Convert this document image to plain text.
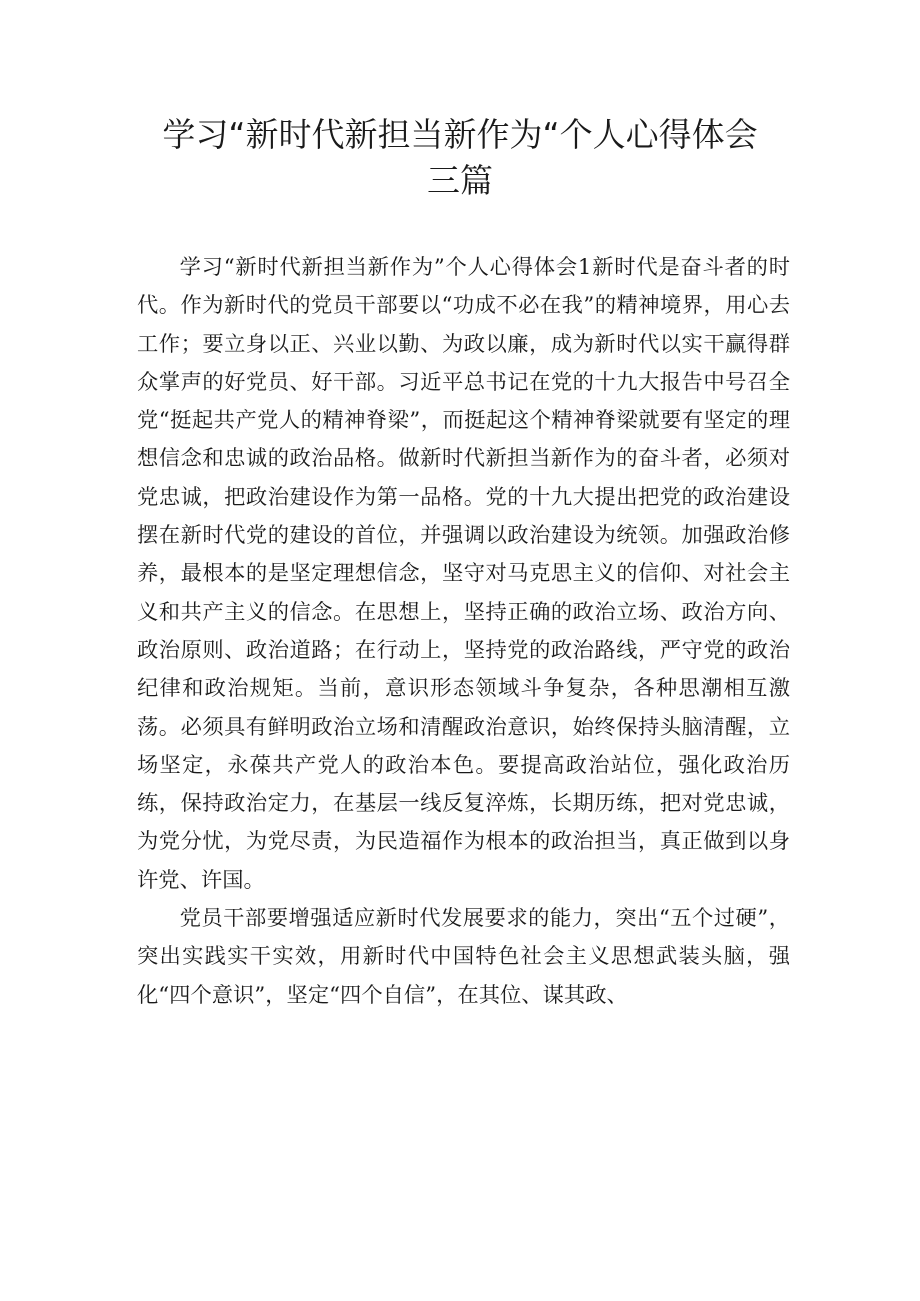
学习“新时代新担当新作为“个人心得体会
三篇

学习“新时代新担当新作为”个人心得体会1新时代是奋斗者的时代。作为新时代的党员干部要以“功成不必在我”的精神境界，用心去工作；要立身以正、兴业以勤、为政以廉，成为新时代以实干赢得群众掌声的好党员、好干部。习近平总书记在党的十九大报告中号召全党“挺起共产党人的精神脊梁”，而挺起这个精神脊梁就要有坚定的理想信念和忠诚的政治品格。做新时代新担当新作为的奋斗者，必须对党忠诚，把政治建设作为第一品格。党的十九大提出把党的政治建设摆在新时代党的建设的首位，并强调以政治建设为统领。加强政治修养，最根本的是坚定理想信念，坚守对马克思主义的信仰、对社会主义和共产主义的信念。在思想上，坚持正确的政治立场、政治方向、政治原则、政治道路；在行动上，坚持党的政治路线，严守党的政治纪律和政治规矩。当前，意识形态领域斗争复杂，各种思潮相互激荡。必须具有鲜明政治立场和清醒政治意识，始终保持头脑清醒，立场坚定，永葆共产党人的政治本色。要提高政治站位，强化政治历练，保持政治定力，在基层一线反复淬炼，长期历练，把对党忠诚，为党分忧，为党尽责，为民造福作为根本的政治担当，真正做到以身许党、许国。

党员干部要增强适应新时代发展要求的能力，突出“五个过硬”，突出实践实干实效，用新时代中国特色社会主义思想武装头脑，强化“四个意识”，坚定“四个自信”，在其位、谋其政、
